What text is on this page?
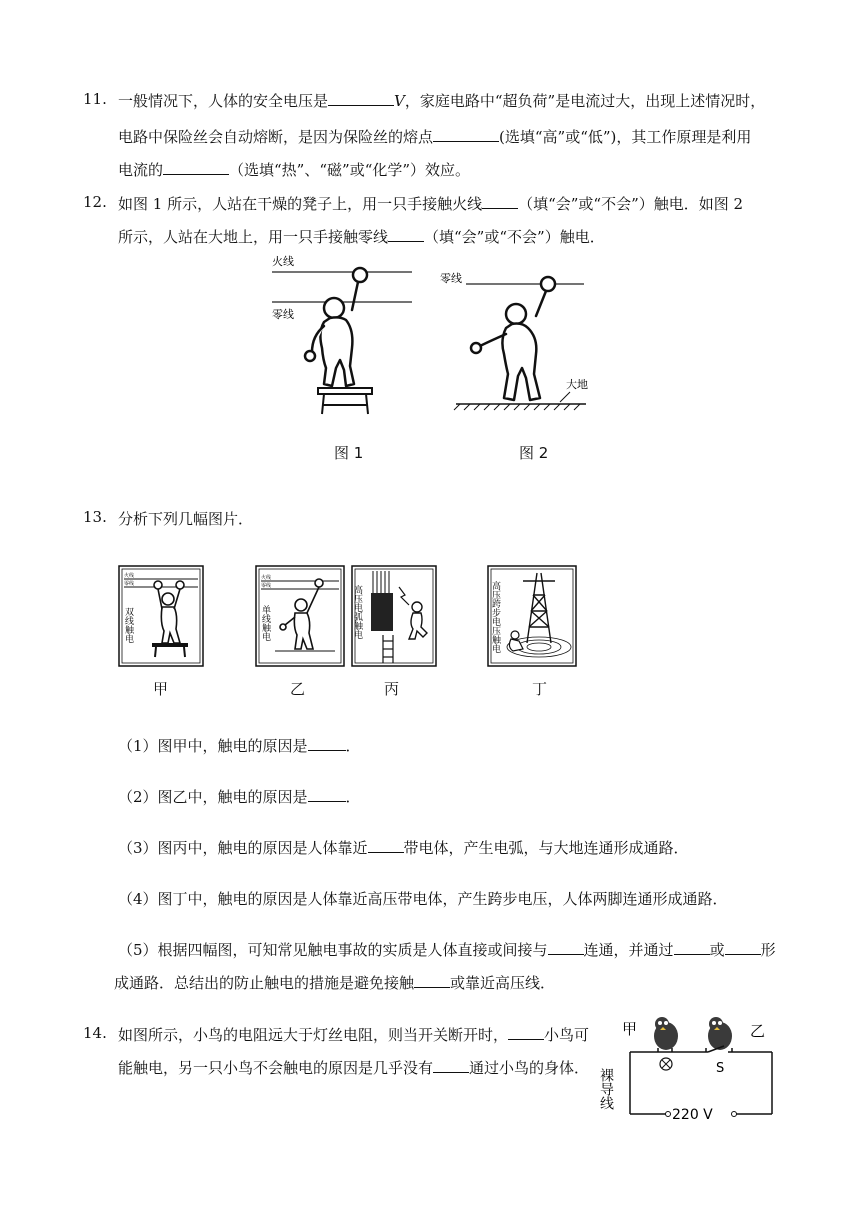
11. 一般情况下，人体的安全电压是	V，家庭电路中“超负荷”是电流过大，出现上述情况时，
电路中保险丝会自动熔断，是因为保险丝的熔点	(选填“高”或“低”)，其工作原理是利用
电流的	（选填“热”、“磁”或“化学”）效应。
12. 如图 1 所示，人站在干燥的凳子上，用一只手接触火线 （填“会”或“不会”）触电．如图 2
所示，人站在大地上，用一只手接触零线 （填“会”或“不会”）触电．
火线
零线
图 1
零线
大地
图 2
13. 分析下列几幅图片．
火线
零线
双线触电
甲
火线
零线
单线触电
乙
高压电弧触电
丙
高压跨步电压触电
丁
（1）图甲中，触电的原因是	．
（2）图乙中，触电的原因是	．
（3）图丙中，触电的原因是人体靠近 带电体，产生电弧，与大地连通形成通路．
（4）图丁中，触电的原因是人体靠近高压带电体，产生跨步电压，人体两脚连通形成通路．
（5）根据四幅图，可知常见触电事故的实质是人体直接或间接与 连通，并通过 或 形
成通路．总结出的防止触电的措施是避免接触 或靠近高压线．
14. 如图所示，小鸟的电阻远大于灯丝电阻，则当开关断开时， 小鸟可
能触电，另一只小鸟不会触电的原因是几乎没有 通过小鸟的身体．
甲	乙
S
裸导线
220 V
